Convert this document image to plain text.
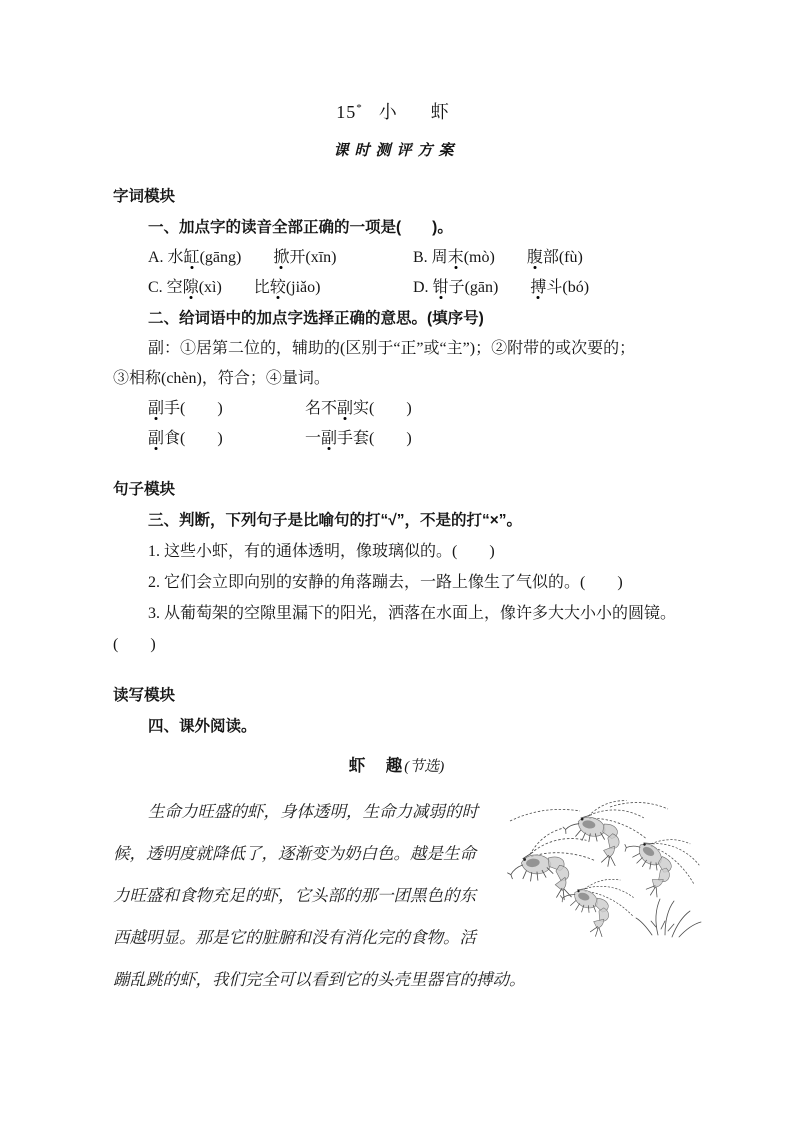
15* 小　虾
课时测评方案
字词模块
一、加点字的读音全部正确的一项是(　　)。
A. 水缸(gāng)　　掀开(xīn)	B. 周末(mò)　　腹部(fù)
C. 空隙(xì)　　比较(jiǎo)	D. 钳子(gān)　　搏斗(bó)
二、给词语中的加点字选择正确的意思。(填序号)
副：①居第二位的，辅助的(区别于“正”或“主”)；②附带的或次要的；
③相称(chèn)，符合；④量词。
副手(　　)	名不副实(　　)
副食(　　)	一副手套(　　)
句子模块
三、判断，下列句子是比喻句的打“√”，不是的打“×”。
1. 这些小虾，有的通体透明，像玻璃似的。(　　)
2. 它们会立即向别的安静的角落蹦去，一路上像生了气似的。(　　)
3. 从葡萄架的空隙里漏下的阳光，洒落在水面上，像许多大大小小的圆镜。
(　　)
读写模块
四、课外阅读。
虾　趣(节选)
生命力旺盛的虾，身体透明，生命力减弱的时
候，透明度就降低了，逐渐变为奶白色。越是生命
力旺盛和食物充足的虾，它头部的那一团黑色的东
西越明显。那是它的脏腑和没有消化完的食物。活
蹦乱跳的虾，我们完全可以看到它的头壳里器官的搏动。
